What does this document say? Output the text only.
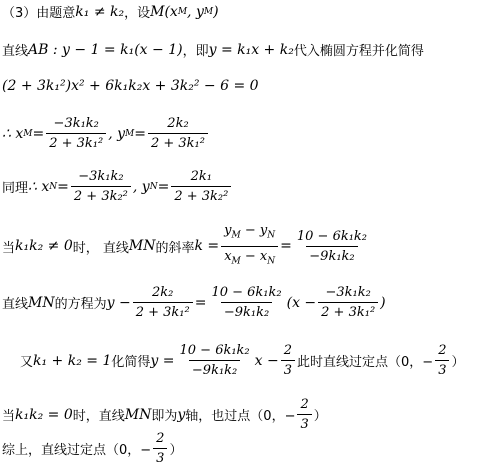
（3）由题意 k₁ ≠ k₂ ，设 M(x M , y M )
直线 AB : y − 1 = k₁(x − 1) ，即 y = k₁x + k₂ 代入椭圆方程并化简得
(2 + 3k₁²)x² + 6k₁k₂x + 3k₂² − 6 = 0
∴ x $M = \frac{\text{−3k₁k₂}}{\text{2 + 3k₁²}}$ , y $M = \frac{\text{2k₂}}{\text{2 + 3k₁²}}$
同理 ∴ x $N = \frac{\text{−3k₁k₂}}{\text{2 + 3k₂²}}$ , y $N = \frac{\text{2k₁}}{\text{2 + 3k₂²}}$
当 k₁k₂ ≠ 0 时， 直线 MN 的斜率 $k = \frac{y_M - y_N}{x_M - x_N} = \frac{\text{10 − 6k₁k₂}}{\text{−9k₁k₂}}$
直线 MN 的方程为 $y - \frac{\text{2k₂}}{\text{2 + 3k₁²}} = \frac{\text{10 − 6k₁k₂}}{\text{−9k₁k₂}} (x - \frac{\text{−3k₁k₂}}{\text{2 + 3k₁²}}$ )
又 k₁ + k₂ = 1 化简得 $y = \frac{\text{10 − 6k₁k₂}}{\text{−9k₁k₂}}$ $x - \frac{2}{3}$ 此时直线过定点（0，− $\frac{2}{3}$ ）
当 k₁k₂ = 0 时，直线 MN 即为 y 轴，也过点（0，− $\frac{2}{3}$ ）
综上，直线过定点（0，− $\frac{2}{3}$ ）
